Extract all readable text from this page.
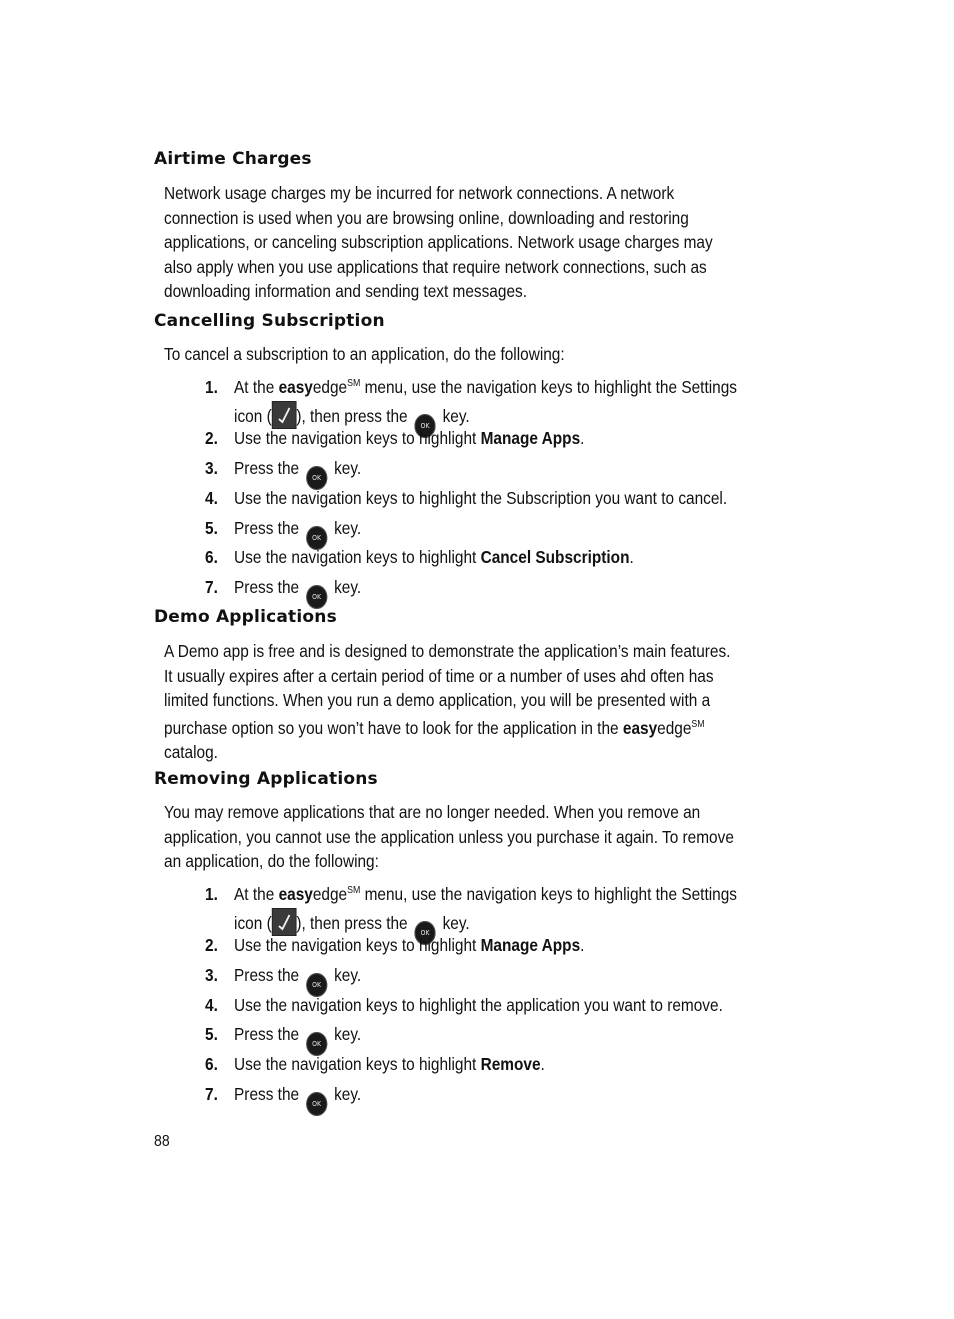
Airtime Charges
Network usage charges my be incurred for network connections. A network
connection is used when you are browsing online, downloading and restoring
applications, or canceling subscription applications. Network usage charges may
also apply when you use applications that require network connections, such as
downloading information and sending text messages.
Cancelling Subscription
To cancel a subscription to an application, do the following:
1. At the easyedge℠ menu, use the navigation keys to highlight the Settings
icon ( ), then press the OK key.
2. Use the navigation keys to highlight Manage Apps.
3. Press the OK key.
4. Use the navigation keys to highlight the Subscription you want to cancel.
5. Press the OK key.
6. Use the navigation keys to highlight Cancel Subscription.
7. Press the OK key.
Demo Applications
A Demo app is free and is designed to demonstrate the application’s main features.
It usually expires after a certain period of time or a number of uses ahd often has
limited functions. When you run a demo application, you will be presented with a
purchase option so you won’t have to look for the application in the easyedge℠
catalog.
Removing Applications
You may remove applications that are no longer needed. When you remove an
application, you cannot use the application unless you purchase it again. To remove
an application, do the following:
1. At the easyedge℠ menu, use the navigation keys to highlight the Settings
icon ( ), then press the OK key.
2. Use the navigation keys to highlight Manage Apps.
3. Press the OK key.
4. Use the navigation keys to highlight the application you want to remove.
5. Press the OK key.
6. Use the navigation keys to highlight Remove.
7. Press the OK key.
88
